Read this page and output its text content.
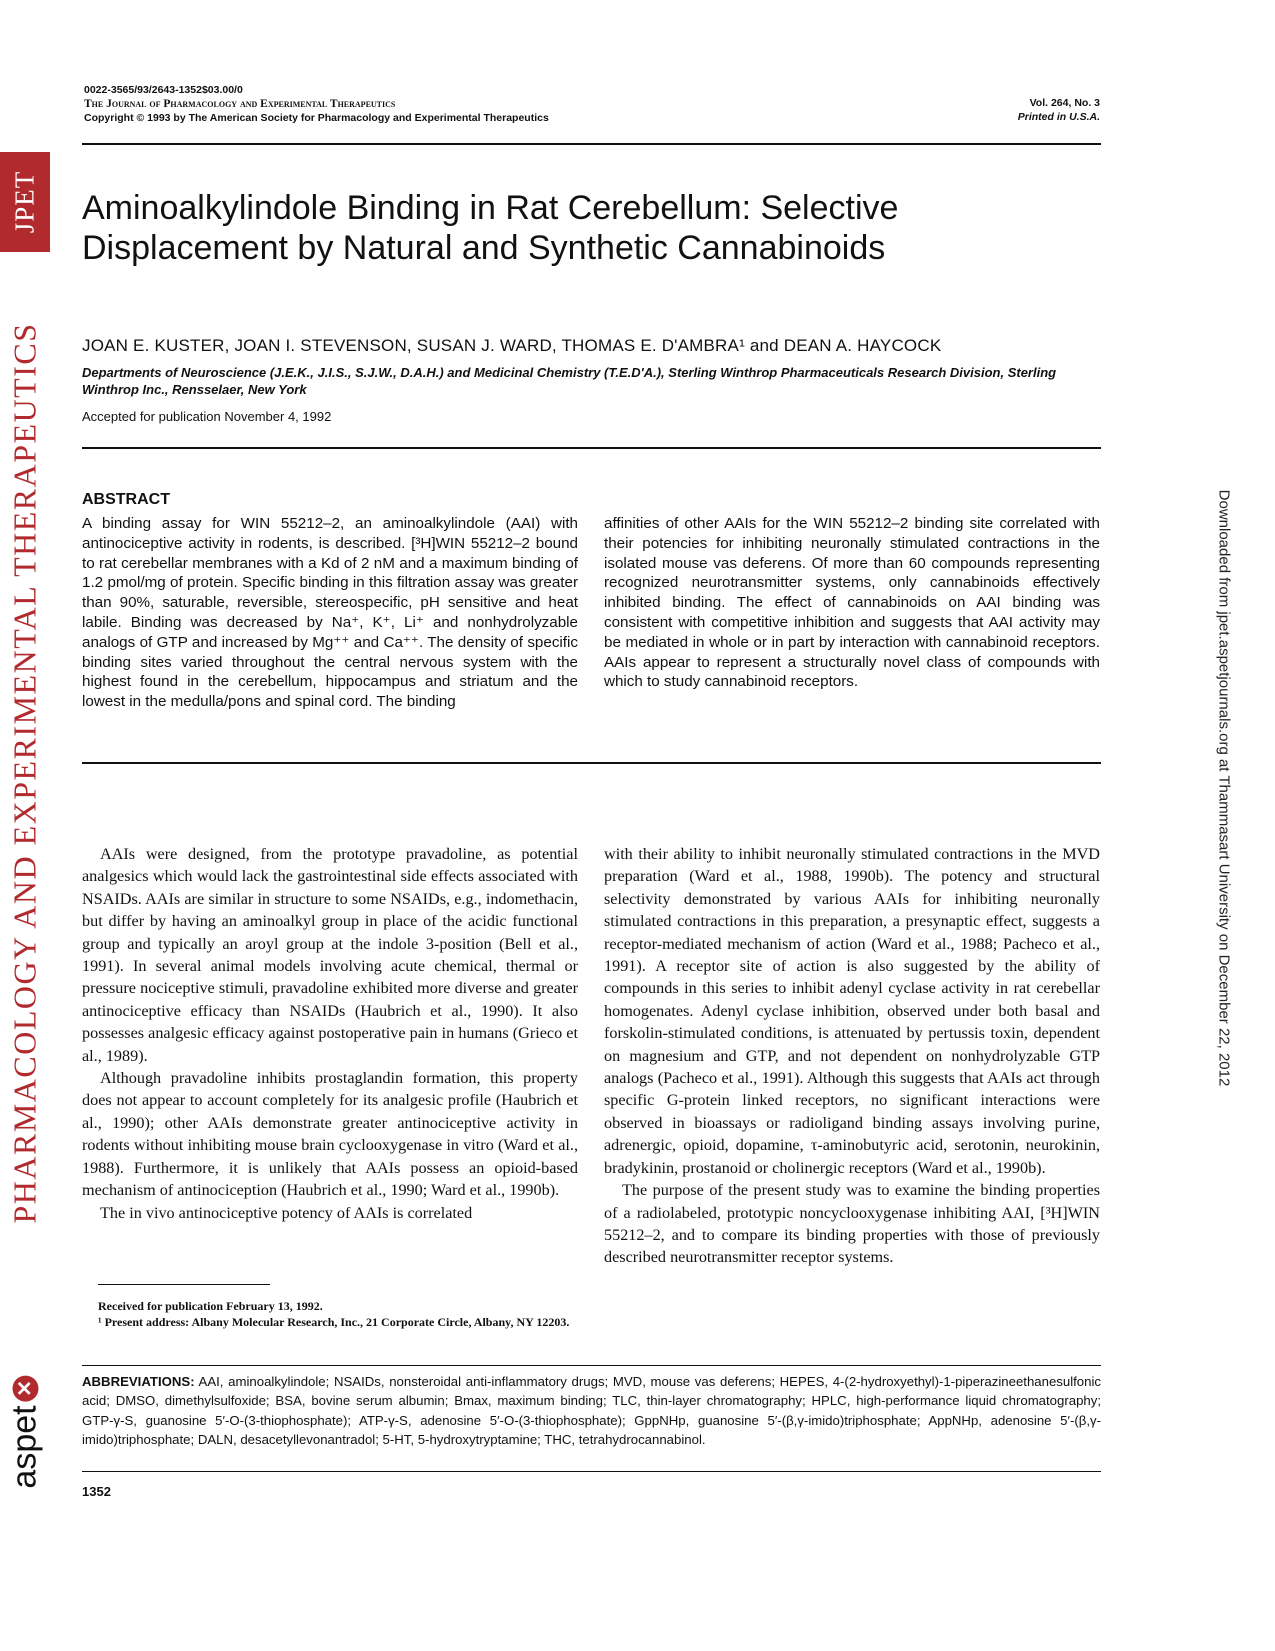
JPET
PHARMACOLOGY AND EXPERIMENTAL THERAPEUTICS
aspet
✕
Downloaded from jpet.aspetjournals.org at Thammasart University on December 22, 2012
0022-3565/93/2643-1352$03.00/0
The Journal of Pharmacology and Experimental Therapeutics
Copyright © 1993 by The American Society for Pharmacology and Experimental Therapeutics
Vol. 264, No. 3
Printed in U.S.A.
Aminoalkylindole Binding in Rat Cerebellum: Selective Displacement by Natural and Synthetic Cannabinoids
JOAN E. KUSTER, JOAN I. STEVENSON, SUSAN J. WARD, THOMAS E. D'AMBRA¹ and DEAN A. HAYCOCK
Departments of Neuroscience (J.E.K., J.I.S., S.J.W., D.A.H.) and Medicinal Chemistry (T.E.D'A.), Sterling Winthrop Pharmaceuticals Research Division, Sterling Winthrop Inc., Rensselaer, New York
Accepted for publication November 4, 1992
ABSTRACT
A binding assay for WIN 55212–2, an aminoalkylindole (AAI) with antinociceptive activity in rodents, is described. [³H]WIN 55212–2 bound to rat cerebellar membranes with a Kd of 2 nM and a maximum binding of 1.2 pmol/mg of protein. Specific binding in this filtration assay was greater than 90%, saturable, reversible, stereospecific, pH sensitive and heat labile. Binding was decreased by Na⁺, K⁺, Li⁺ and nonhydrolyzable analogs of GTP and increased by Mg⁺⁺ and Ca⁺⁺. The density of specific binding sites varied throughout the central nervous system with the highest found in the cerebellum, hippocampus and striatum and the lowest in the medulla/pons and spinal cord. The binding
affinities of other AAIs for the WIN 55212–2 binding site correlated with their potencies for inhibiting neuronally stimulated contractions in the isolated mouse vas deferens. Of more than 60 compounds representing recognized neurotransmitter systems, only cannabinoids effectively inhibited binding. The effect of cannabinoids on AAI binding was consistent with competitive inhibition and suggests that AAI activity may be mediated in whole or in part by interaction with cannabinoid receptors. AAIs appear to represent a structurally novel class of compounds with which to study cannabinoid receptors.

AAIs were designed, from the prototype pravadoline, as potential analgesics which would lack the gastrointestinal side effects associated with NSAIDs. AAIs are similar in structure to some NSAIDs, e.g., indomethacin, but differ by having an aminoalkyl group in place of the acidic functional group and typically an aroyl group at the indole 3-position (Bell et al., 1991). In several animal models involving acute chemical, thermal or pressure nociceptive stimuli, pravadoline exhibited more diverse and greater antinociceptive efficacy than NSAIDs (Haubrich et al., 1990). It also possesses analgesic efficacy against postoperative pain in humans (Grieco et al., 1989).

Although pravadoline inhibits prostaglandin formation, this property does not appear to account completely for its analgesic profile (Haubrich et al., 1990); other AAIs demonstrate greater antinociceptive activity in rodents without inhibiting mouse brain cyclooxygenase in vitro (Ward et al., 1988). Furthermore, it is unlikely that AAIs possess an opioid-based mechanism of antinociception (Haubrich et al., 1990; Ward et al., 1990b).

The in vivo antinociceptive potency of AAIs is correlated

with their ability to inhibit neuronally stimulated contractions in the MVD preparation (Ward et al., 1988, 1990b). The potency and structural selectivity demonstrated by various AAIs for inhibiting neuronally stimulated contractions in this preparation, a presynaptic effect, suggests a receptor-mediated mechanism of action (Ward et al., 1988; Pacheco et al., 1991). A receptor site of action is also suggested by the ability of compounds in this series to inhibit adenyl cyclase activity in rat cerebellar homogenates. Adenyl cyclase inhibition, observed under both basal and forskolin-stimulated conditions, is attenuated by pertussis toxin, dependent on magnesium and GTP, and not dependent on nonhydrolyzable GTP analogs (Pacheco et al., 1991). Although this suggests that AAIs act through specific G-protein linked receptors, no significant interactions were observed in bioassays or radioligand binding assays involving purine, adrenergic, opioid, dopamine, τ-aminobutyric acid, serotonin, neurokinin, bradykinin, prostanoid or cholinergic receptors (Ward et al., 1990b).

The purpose of the present study was to examine the binding properties of a radiolabeled, prototypic noncyclooxygenase inhibiting AAI, [³H]WIN 55212–2, and to compare its binding properties with those of previously described neurotransmitter receptor systems.

Received for publication February 13, 1992.

¹ Present address: Albany Molecular Research, Inc., 21 Corporate Circle, Albany, NY 12203.

ABBREVIATIONS: AAI, aminoalkylindole; NSAIDs, nonsteroidal anti-inflammatory drugs; MVD, mouse vas deferens; HEPES, 4-(2-hydroxyethyl)-1-piperazineethanesulfonic acid; DMSO, dimethylsulfoxide; BSA, bovine serum albumin; Bmax, maximum binding; TLC, thin-layer chromatography; HPLC, high-performance liquid chromatography; GTP-γ-S, guanosine 5′-O-(3-thiophosphate); ATP-γ-S, adenosine 5′-O-(3-thiophosphate); GppNHp, guanosine 5′-(β,γ-imido)triphosphate; AppNHp, adenosine 5′-(β,γ-imido)triphosphate; DALN, desacetyllevonantradol; 5-HT, 5-hydroxytryptamine; THC, tetrahydrocannabinol.
1352
